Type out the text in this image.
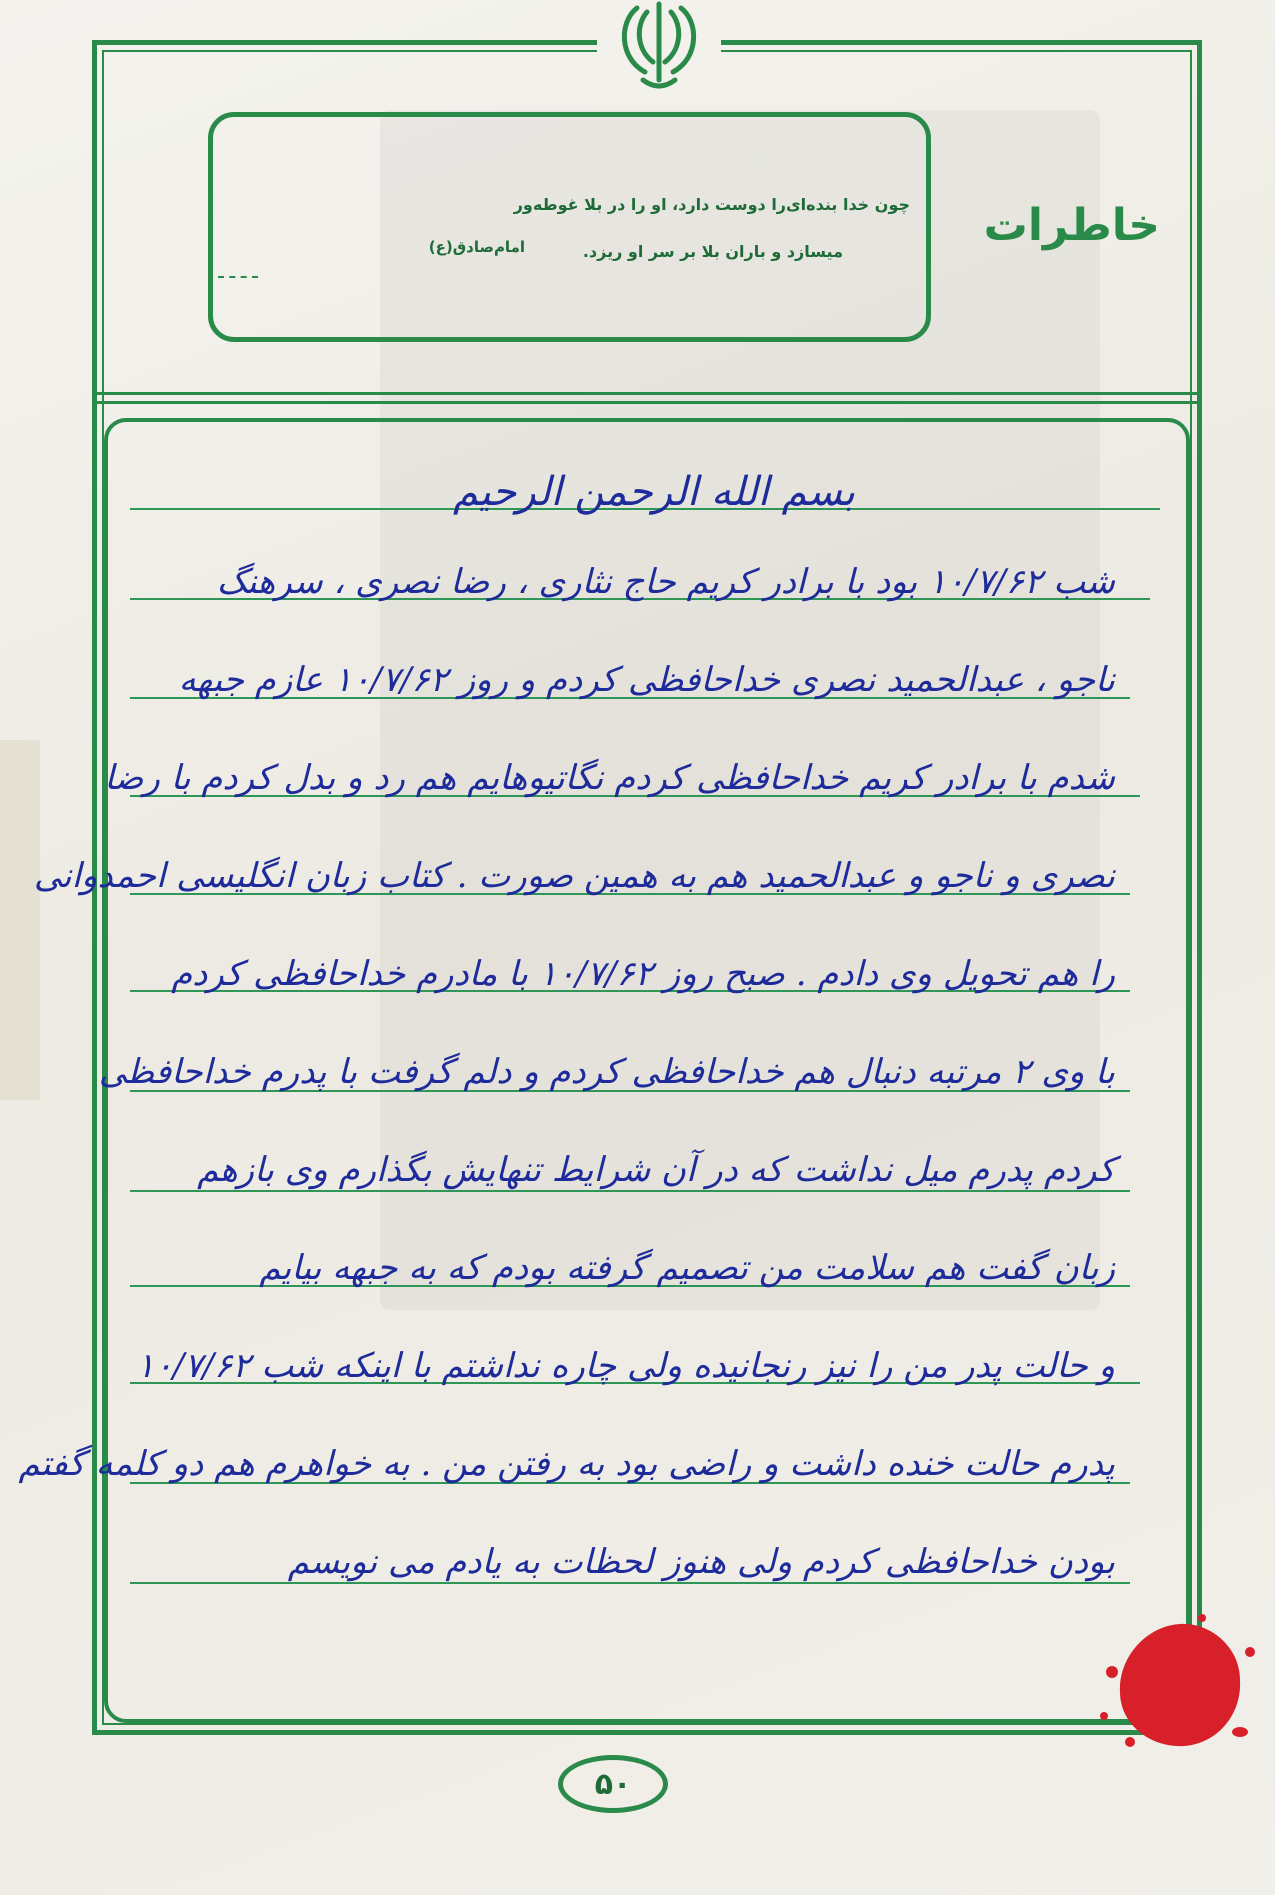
چون خدا بنده‌ای‌را دوست دارد، او را در بلا غوطه‌ور
میسازد و باران بلا بر سر او ریزد.
امام‌صادق(ع)	خاطرات
بسم الله الرحمن الرحیم
شب ۱۰/۷/۶۲ بود با برادر کریم حاج نثاری ، رضا نصری ، سرهنگ
ناجو ، عبدالحمید نصری خداحافظی کردم و روز ۱۰/۷/۶۲ عازم جبهه
شدم با برادر کریم خداحافظی کردم نگاتیوهایم هم رد و بدل کردم با رضا
نصری و ناجو و عبدالحمید هم به همین صورت . کتاب زبان انگلیسی احمدوانی
را هم تحویل وی دادم . صبح روز ۱۰/۷/۶۲ با مادرم خداحافظی کردم
با وی ۲ مرتبه دنبال هم خداحافظی کردم و دلم گرفت با پدرم خداحافظی
کردم پدرم میل نداشت که در آن شرایط تنهایش بگذارم وی بازهم
زبان گفت هم سلامت من تصمیم گرفته بودم که به جبهه بیایم
و حالت پدر من را نیز رنجانیده ولی چاره نداشتم با اینکه شب ۱۰/۷/۶۲
پدرم حالت خنده داشت و راضی بود به رفتن من . به خواهرم هم دو کلمه گفتم
بودن خداحافظی کردم ولی هنوز لحظات به یادم می نویسم
۵۰
